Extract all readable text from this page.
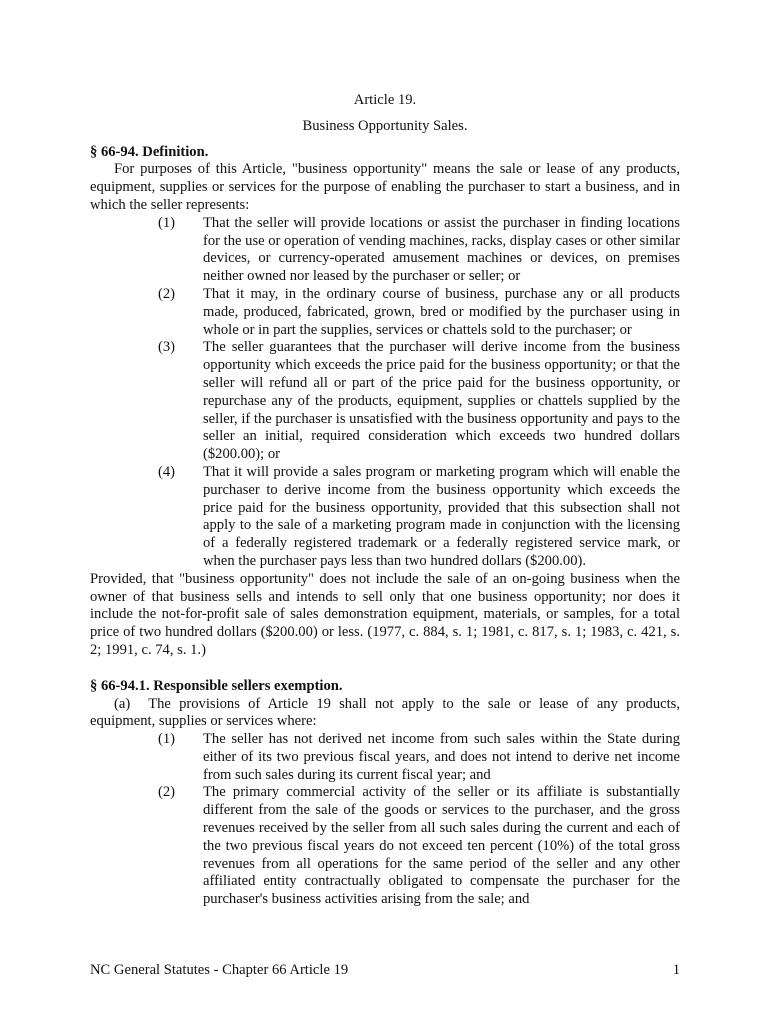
Article 19.
Business Opportunity Sales.
§ 66-94. Definition.
For purposes of this Article, "business opportunity" means the sale or lease of any products, equipment, supplies or services for the purpose of enabling the purchaser to start a business, and in which the seller represents:
(1)	That the seller will provide locations or assist the purchaser in finding locations for the use or operation of vending machines, racks, display cases or other similar devices, or currency-operated amusement machines or devices, on premises neither owned nor leased by the purchaser or seller; or
(2)	That it may, in the ordinary course of business, purchase any or all products made, produced, fabricated, grown, bred or modified by the purchaser using in whole or in part the supplies, services or chattels sold to the purchaser; or
(3)	The seller guarantees that the purchaser will derive income from the business opportunity which exceeds the price paid for the business opportunity; or that the seller will refund all or part of the price paid for the business opportunity, or repurchase any of the products, equipment, supplies or chattels supplied by the seller, if the purchaser is unsatisfied with the business opportunity and pays to the seller an initial, required consideration which exceeds two hundred dollars ($200.00); or
(4)	That it will provide a sales program or marketing program which will enable the purchaser to derive income from the business opportunity which exceeds the price paid for the business opportunity, provided that this subsection shall not apply to the sale of a marketing program made in conjunction with the licensing of a federally registered trademark or a federally registered service mark, or when the purchaser pays less than two hundred dollars ($200.00).
Provided, that "business opportunity" does not include the sale of an on-going business when the owner of that business sells and intends to sell only that one business opportunity; nor does it include the not-for-profit sale of sales demonstration equipment, materials, or samples, for a total price of two hundred dollars ($200.00) or less. (1977, c. 884, s. 1; 1981, c. 817, s. 1; 1983, c. 421, s. 2; 1991, c. 74, s. 1.)
§ 66-94.1. Responsible sellers exemption.
(a) The provisions of Article 19 shall not apply to the sale or lease of any products, equipment, supplies or services where:
(1)	The seller has not derived net income from such sales within the State during either of its two previous fiscal years, and does not intend to derive net income from such sales during its current fiscal year; and
(2)	The primary commercial activity of the seller or its affiliate is substantially different from the sale of the goods or services to the purchaser, and the gross revenues received by the seller from all such sales during the current and each of the two previous fiscal years do not exceed ten percent (10%) of the total gross revenues from all operations for the same period of the seller and any other affiliated entity contractually obligated to compensate the purchaser for the purchaser's business activities arising from the sale; and
NC General Statutes - Chapter 66 Article 19	1
